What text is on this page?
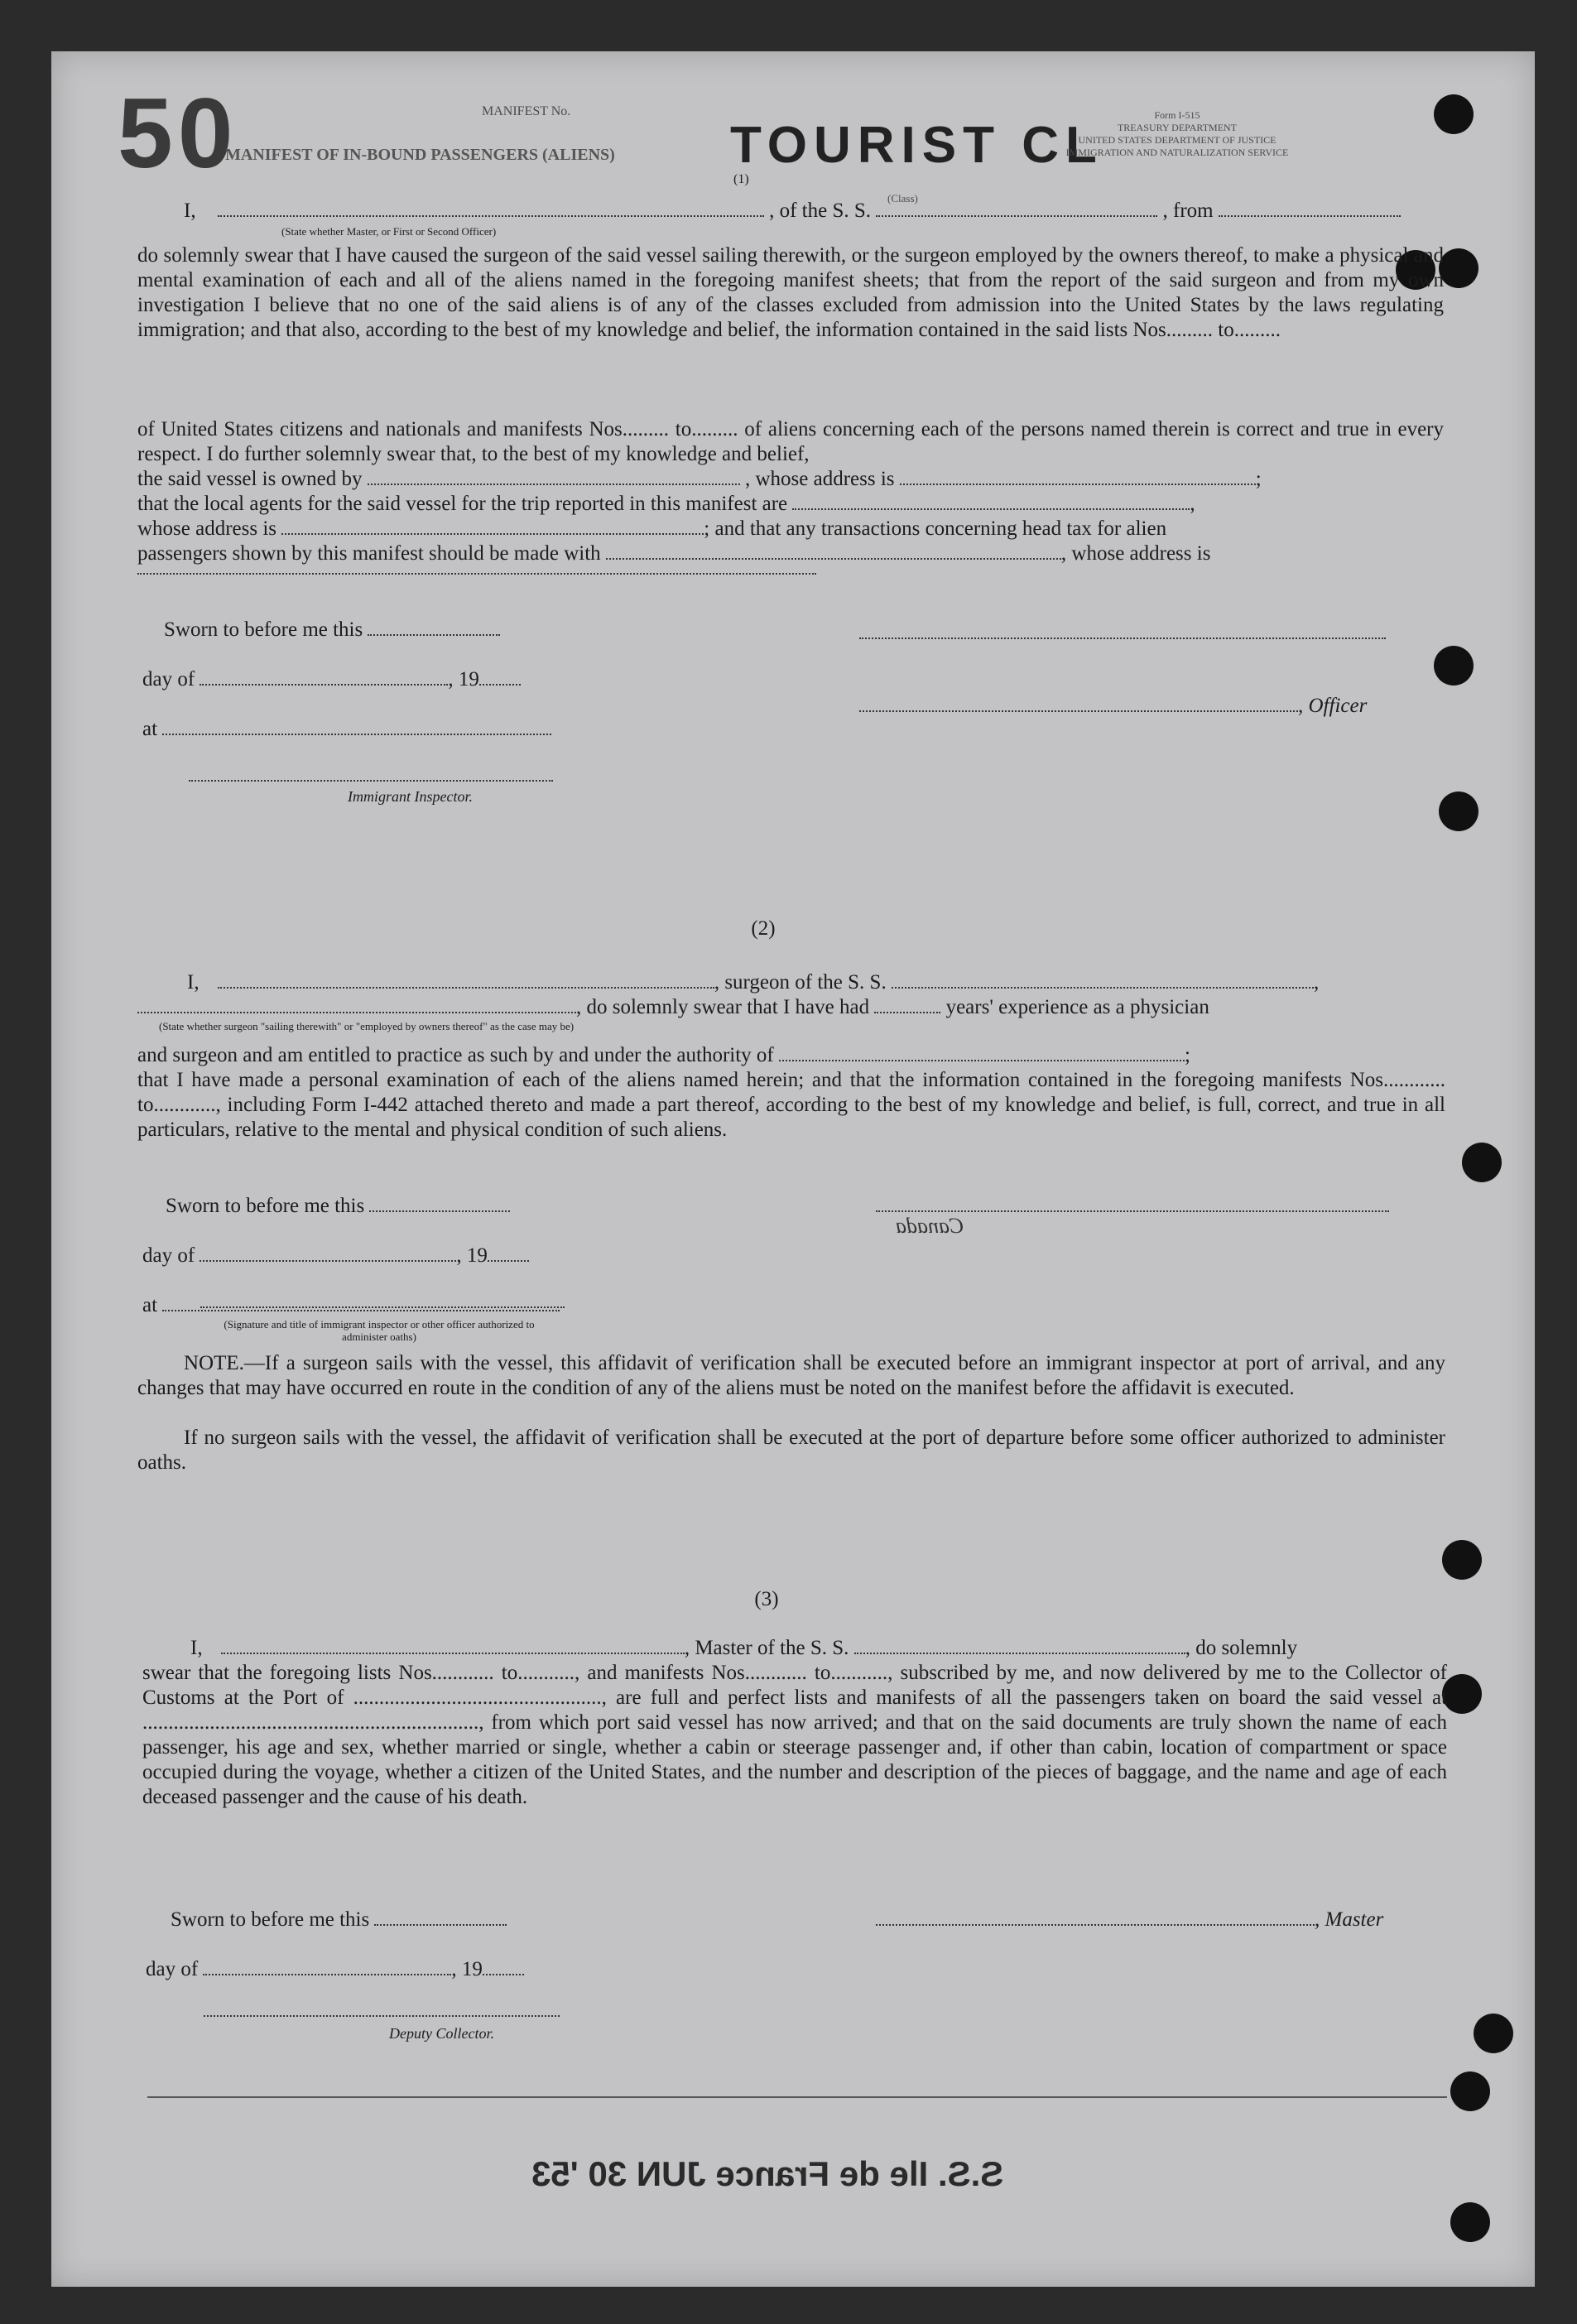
50	MANIFEST No.
TOURIST CL
MANIFEST OF IN-BOUND PASSENGERS (ALIENS)
(1)
Form I-515
TREASURY DEPARTMENT
UNITED STATES DEPARTMENT OF JUSTICE
IMMIGRATION AND NATURALIZATION SERVICE
(Class)
I,	, of the S. S.	, from
(State whether Master, or First or Second Officer)
do solemnly swear that I have caused the surgeon of the said vessel sailing therewith, or the surgeon employed by the owners thereof, to make a physical and mental examination of each and all of the aliens named in the foregoing manifest sheets; that from the report of the said surgeon and from my own investigation I believe that no one of the said aliens is of any of the classes excluded from admission into the United States by the laws regulating immigration; and that also, according to the best of my knowledge and belief, the information contained in the said lists Nos......... to.........
of United States citizens and nationals and manifests Nos......... to......... of aliens concerning each of the persons named therein is correct and true in every respect. I do further solemnly swear that, to the best of my knowledge and belief,
the said vessel is owned by	, whose address is	;
that the local agents for the said vessel for the trip reported in this manifest are	,
whose address is	; and that any transactions concerning head tax for alien
passengers shown by this manifest should be made with	, whose address is
Sworn to before me this
day of	, 19
, Officer
at
Immigrant Inspector.
(2)
I,	, surgeon of the S. S.	,
, do solemnly swear that I have had	years' experience as a physician
(State whether surgeon "sailing therewith" or "employed by owners thereof" as the case may be)
and surgeon and am entitled to practice as such by and under the authority of	;
that I have made a personal examination of each of the aliens named herein; and that the information contained in the foregoing manifests Nos............ to............, including Form I-442 attached thereto and made a part thereof, according to the best of my knowledge and belief, is full, correct, and true in all particulars, relative to the mental and physical condition of such aliens.
Sworn to before me this
Canada
day of	, 19
at
(Signature and title of immigrant inspector or other officer authorized to administer oaths)
NOTE.—If a surgeon sails with the vessel, this affidavit of verification shall be executed before an immigrant inspector at port of arrival, and any changes that may have occurred en route in the condition of any of the aliens must be noted on the manifest before the affidavit is executed.
If no surgeon sails with the vessel, the affidavit of verification shall be executed at the port of departure before some officer authorized to administer oaths.
(3)
I,	, Master of the S. S.	, do solemnly
swear that the foregoing lists Nos............ to..........., and manifests Nos............ to..........., subscribed by me, and now delivered by me to the Collector of Customs at the Port of ................................................, are full and perfect lists and manifests of all the passengers taken on board the said vessel at ................................................................., from which port said vessel has now arrived; and that on the said documents are truly shown the name of each passenger, his age and sex, whether married or single, whether a cabin or steerage passenger and, if other than cabin, location of compartment or space occupied during the voyage, whether a citizen of the United States, and the number and description of the pieces of baggage, and the name and age of each deceased passenger and the cause of his death.
Sworn to before me this	, Master
day of	, 19
Deputy Collector.
S.S. Ile de France JUN 30 '53
